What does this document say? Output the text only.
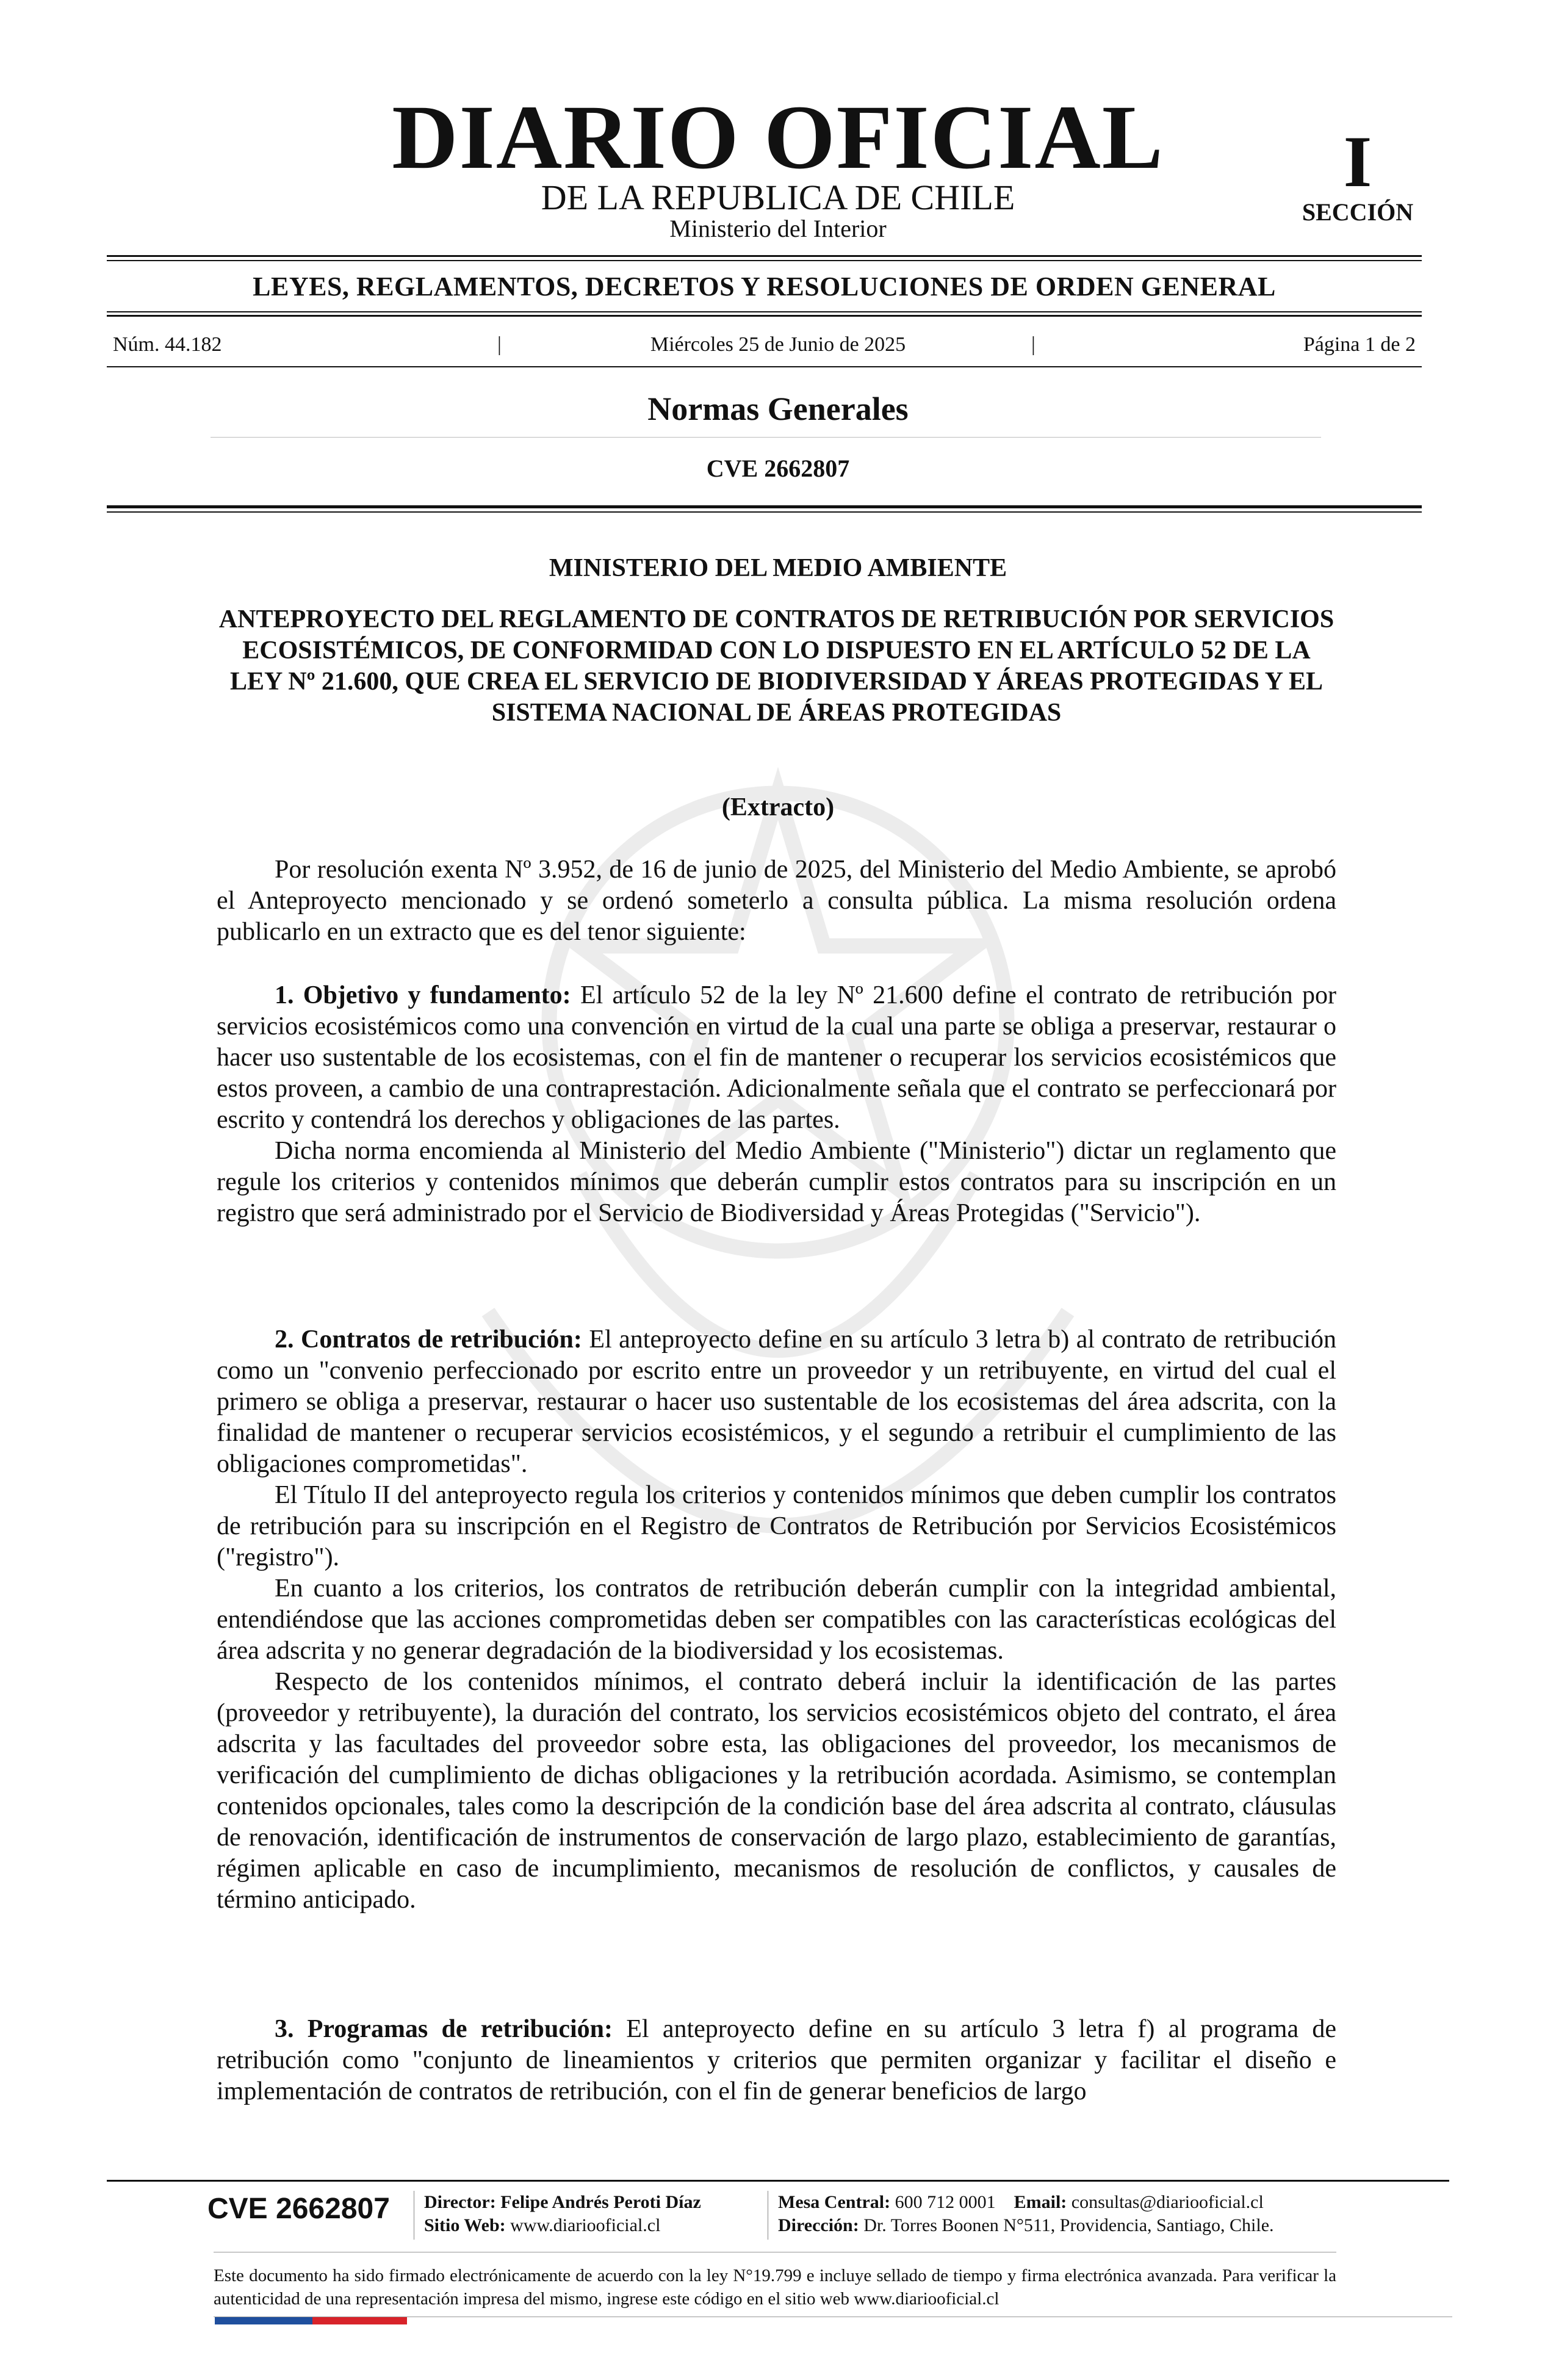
DIARIO OFICIAL
DE LA REPUBLICA DE CHILE
Ministerio del Interior
I
SECCIÓN
LEYES, REGLAMENTOS, DECRETOS Y RESOLUCIONES DE ORDEN GENERAL
Núm. 44.182	|	Miércoles 25 de Junio de 2025	|	Página 1 de 2
Normas Generales
CVE 2662807
MINISTERIO DEL MEDIO AMBIENTE
ANTEPROYECTO DEL REGLAMENTO DE CONTRATOS DE RETRIBUCIÓN POR SERVICIOS ECOSISTÉMICOS, DE CONFORMIDAD CON LO DISPUESTO EN EL ARTÍCULO 52 DE LA LEY Nº 21.600, QUE CREA EL SERVICIO DE BIODIVERSIDAD Y ÁREAS PROTEGIDAS Y EL SISTEMA NACIONAL DE ÁREAS PROTEGIDAS
(Extracto)

Por resolución exenta Nº 3.952, de 16 de junio de 2025, del Ministerio del Medio Ambiente, se aprobó el Anteproyecto mencionado y se ordenó someterlo a consulta pública. La misma resolución ordena publicarlo en un extracto que es del tenor siguiente:

1. Objetivo y fundamento: El artículo 52 de la ley Nº 21.600 define el contrato de retribución por servicios ecosistémicos como una convención en virtud de la cual una parte se obliga a preservar, restaurar o hacer uso sustentable de los ecosistemas, con el fin de mantener o recuperar los servicios ecosistémicos que estos proveen, a cambio de una contraprestación. Adicionalmente señala que el contrato se perfeccionará por escrito y contendrá los derechos y obligaciones de las partes.

Dicha norma encomienda al Ministerio del Medio Ambiente ("Ministerio") dictar un reglamento que regule los criterios y contenidos mínimos que deberán cumplir estos contratos para su inscripción en un registro que será administrado por el Servicio de Biodiversidad y Áreas Protegidas ("Servicio").

2. Contratos de retribución: El anteproyecto define en su artículo 3 letra b) al contrato de retribución como un "convenio perfeccionado por escrito entre un proveedor y un retribuyente, en virtud del cual el primero se obliga a preservar, restaurar o hacer uso sustentable de los ecosistemas del área adscrita, con la finalidad de mantener o recuperar servicios ecosistémicos, y el segundo a retribuir el cumplimiento de las obligaciones comprometidas".

El Título II del anteproyecto regula los criterios y contenidos mínimos que deben cumplir los contratos de retribución para su inscripción en el Registro de Contratos de Retribución por Servicios Ecosistémicos ("registro").

En cuanto a los criterios, los contratos de retribución deberán cumplir con la integridad ambiental, entendiéndose que las acciones comprometidas deben ser compatibles con las características ecológicas del área adscrita y no generar degradación de la biodiversidad y los ecosistemas.

Respecto de los contenidos mínimos, el contrato deberá incluir la identificación de las partes (proveedor y retribuyente), la duración del contrato, los servicios ecosistémicos objeto del contrato, el área adscrita y las facultades del proveedor sobre esta, las obligaciones del proveedor, los mecanismos de verificación del cumplimiento de dichas obligaciones y la retribución acordada. Asimismo, se contemplan contenidos opcionales, tales como la descripción de la condición base del área adscrita al contrato, cláusulas de renovación, identificación de instrumentos de conservación de largo plazo, establecimiento de garantías, régimen aplicable en caso de incumplimiento, mecanismos de resolución de conflictos, y causales de término anticipado.

3. Programas de retribución: El anteproyecto define en su artículo 3 letra f) al programa de retribución como "conjunto de lineamientos y criterios que permiten organizar y facilitar el diseño e implementación de contratos de retribución, con el fin de generar beneficios de largo

CVE 2662807	Director: Felipe Andrés Peroti Díaz
Sitio Web: www.diariooficial.cl
Mesa Central: 600 712 0001 Email: consultas@diariooficial.cl
Dirección: Dr. Torres Boonen N°511, Providencia, Santiago, Chile.
Este documento ha sido firmado electrónicamente de acuerdo con la ley N°19.799 e incluye sellado de tiempo y firma electrónica avanzada. Para verificar la autenticidad de una representación impresa del mismo, ingrese este código en el sitio web www.diariooficial.cl
